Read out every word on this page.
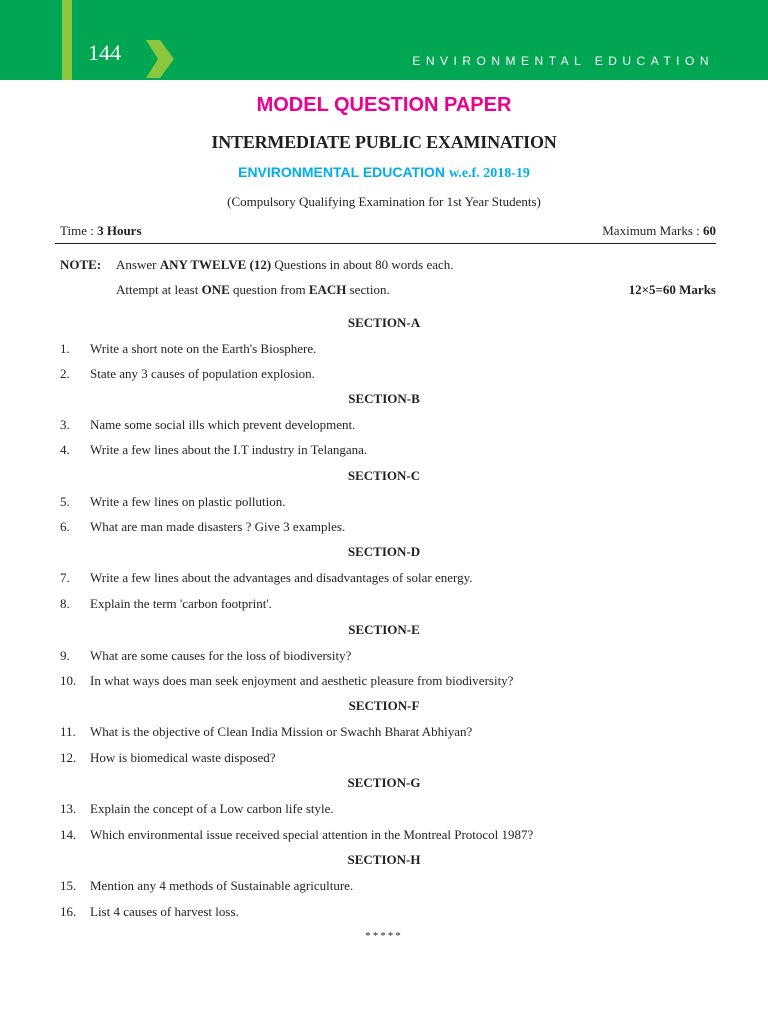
144	ENVIRONMENTAL EDUCATION
MODEL QUESTION PAPER
INTERMEDIATE PUBLIC EXAMINATION
ENVIRONMENTAL EDUCATION w.e.f. 2018-19
(Compulsory Qualifying Examination for 1st Year Students)
Time : 3 Hours	Maximum Marks : 60
NOTE: Answer ANY TWELVE (12) Questions in about 80 words each.
Attempt at least ONE question from EACH section.	12×5=60 Marks
SECTION-A
1. Write a short note on the Earth's Biosphere.
2. State any 3 causes of population explosion.
SECTION-B
3. Name some social ills which prevent development.
4. Write a few lines about the I.T industry in Telangana.
SECTION-C
5. Write a few lines on plastic pollution.
6. What are man made disasters ? Give 3 examples.
SECTION-D
7. Write a few lines about the advantages and disadvantages of solar energy.
8. Explain the term 'carbon footprint'.
SECTION-E
9. What are some causes for the loss of biodiversity?
10. In what ways does man seek enjoyment and aesthetic pleasure from biodiversity?
SECTION-F
11. What is the objective of Clean India Mission or Swachh Bharat Abhiyan?
12. How is biomedical waste disposed?
SECTION-G
13. Explain the concept of a Low carbon life style.
14. Which environmental issue received special attention in the Montreal Protocol 1987?
SECTION-H
15. Mention any 4 methods of Sustainable agriculture.
16. List 4 causes of harvest loss.
*****
